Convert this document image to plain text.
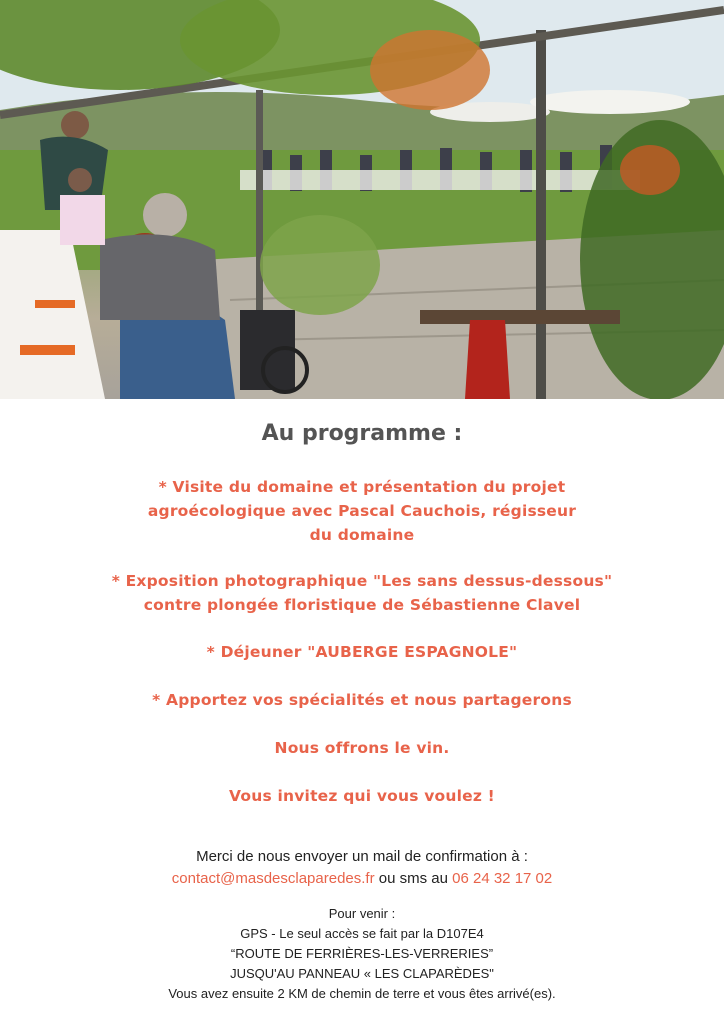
Au programme :
* Visite du domaine et présentation du projet
agroécologique avec Pascal Cauchois, régisseur
du domaine
* Exposition photographique "Les sans dessus-dessous"
contre plongée floristique de Sébastienne Clavel
* Déjeuner "AUBERGE ESPAGNOLE"
* Apportez vos spécialités et nous partagerons
Nous offrons le vin.
Vous invitez qui vous voulez !
Merci de nous envoyer un mail de confirmation à :
contact@masdesclaparedes.fr ou sms au 06 24 32 17 02
Pour venir :
GPS - Le seul accès se fait par la D107E4
“ROUTE DE FERRIÈRES-LES-VERRERIES”
JUSQU'AU PANNEAU « LES CLAPARÈDES"
Vous avez ensuite 2 KM de chemin de terre et vous êtes arrivé(es).
